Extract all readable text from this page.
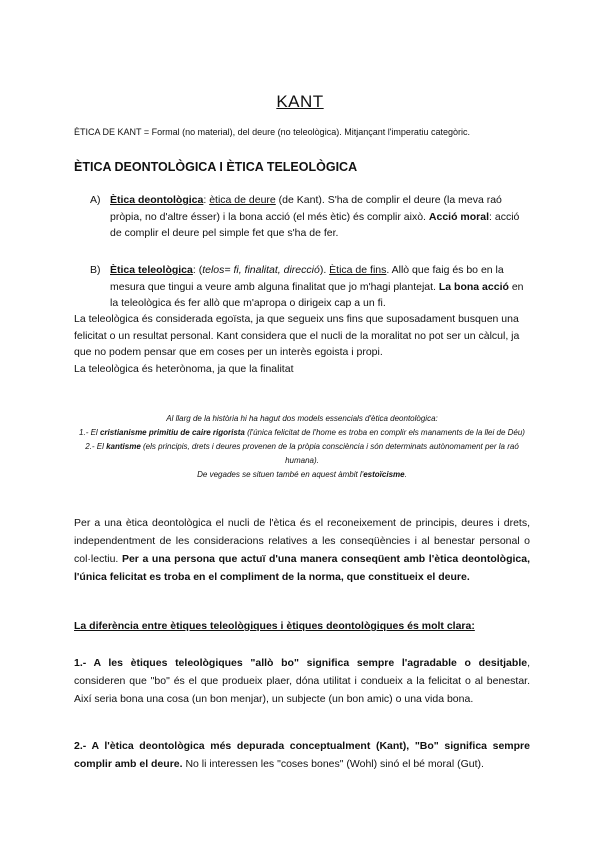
KANT
ÈTICA DE KANT = Formal (no material), del deure (no teleològica). Mitjançant l'imperatiu categòric.
ÈTICA DEONTOLÒGICA I ÈTICA TELEOLÒGICA
A) Ètica deontològica: ètica de deure (de Kant). S'ha de complir el deure (la meva raó pròpia, no d'altre ésser) i la bona acció (el més ètic) és complir això. Acció moral: acció de complir el deure pel simple fet que s'ha de fer.
B) Ètica teleològica: (telos= fi, finalitat, direcció). Ètica de fins. Allò que faig és bo en la mesura que tingui a veure amb alguna finalitat que jo m'hagi plantejat. La bona acció en la teleològica és fer allò que m'apropa o dirigeix cap a un fi.
La teleològica és considerada egoïsta, ja que segueix uns fins que suposadament busquen una felicitat o un resultat personal. Kant considera que el nucli de la moralitat no pot ser un càlcul, ja que no podem pensar que em coses per un interès egoista i propi.
La teleològica és heterònoma, ja que la finalitat
Al llarg de la història hi ha hagut dos models essencials d'ètica deontològica:
1.- El cristianisme primitiu de caire rigorista (l'única felicitat de l'home es troba en complir els manaments de la llei de Déu)
2.- El kantisme (els principis, drets i deures provenen de la pròpia consciència i són determinats autònomament per la raó humana).
De vegades se situen també en aquest àmbit l'estoïcisme.
Per a una ètica deontològica el nucli de l'ètica és el reconeixement de principis, deures i drets, independentment de les consideracions relatives a les conseqüències i al benestar personal o col·lectiu. Per a una persona que actuï d'una manera conseqüent amb l'ètica deontològica, l'única felicitat es troba en el compliment de la norma, que constitueix el deure.
La diferència entre ètiques teleològiques i ètiques deontològiques és molt clara:
1.- A les ètiques teleològiques "allò bo" significa sempre l'agradable o desitjable, consideren que "bo" és el que produeix plaer, dóna utilitat i condueix a la felicitat o al benestar. Així seria bona una cosa (un bon menjar), un subjecte (un bon amic) o una vida bona.
2.- A l'ètica deontològica més depurada conceptualment (Kant), "Bo" significa sempre complir amb el deure. No li interessen les "coses bones" (Wohl) sinó el bé moral (Gut).
